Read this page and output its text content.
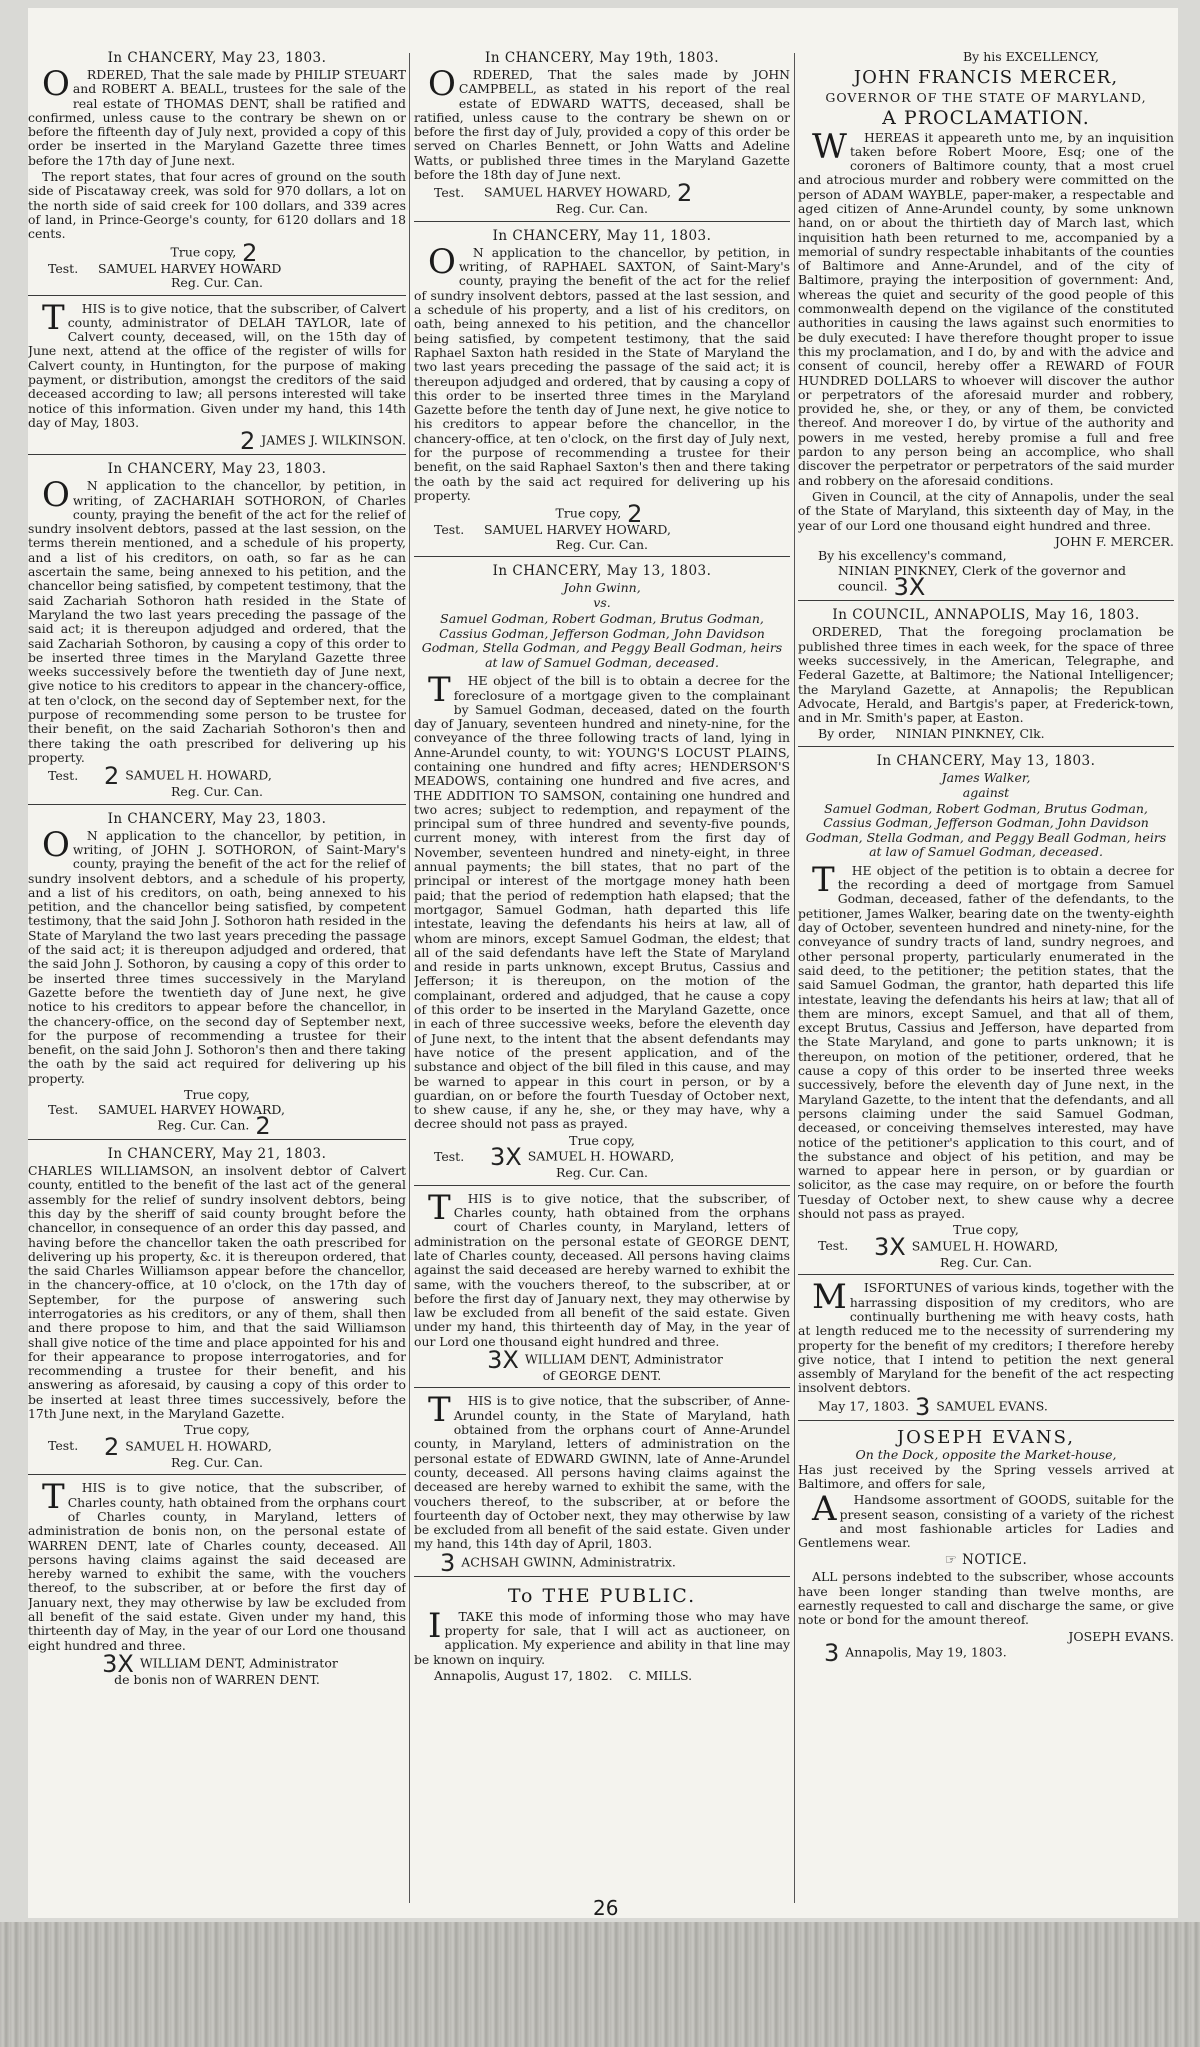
In CHANCERY, May 23, 1803.

ORDERED, That the sale made by PHILIP STEUART and ROBERT A. BEALL, trustees for the sale of the real estate of THOMAS DENT, shall be ratified and confirmed, unless cause to the contrary be shewn on or before the fifteenth day of July next, provided a copy of this order be inserted in the Maryland Gazette three times before the 17th day of June next.

The report states, that four acres of ground on the south side of Piscataway creek, was sold for 970 dollars, a lot on the north side of said creek for 100 dollars, and 339 acres of land, in Prince-George's county, for 6120 dollars and 18 cents.

True copy, 2

Test. SAMUEL HARVEY HOWARD

Reg. Cur. Can.

THIS is to give notice, that the subscriber, of Calvert county, administrator of DELAH TAYLOR, late of Calvert county, deceased, will, on the 15th day of June next, attend at the office of the register of wills for Calvert county, in Huntington, for the purpose of making payment, or distribution, amongst the creditors of the said deceased according to law; all persons interested will take notice of this information. Given under my hand, this 14th day of May, 1803.

2 JAMES J. WILKINSON.

In CHANCERY, May 23, 1803.

ON application to the chancellor, by petition, in writing, of ZACHARIAH SOTHORON, of Charles county, praying the benefit of the act for the relief of sundry insolvent debtors, passed at the last session, on the terms therein mentioned, and a schedule of his property, and a list of his creditors, on oath, so far as he can ascertain the same, being annexed to his petition, and the chancellor being satisfied, by competent testimony, that the said Zachariah Sothoron hath resided in the State of Maryland the two last years preceding the passage of the said act; it is thereupon adjudged and ordered, that the said Zachariah Sothoron, by causing a copy of this order to be inserted three times in the Maryland Gazette three weeks successively before the twentieth day of June next, give notice to his creditors to appear in the chancery-office, at ten o'clock, on the second day of September next, for the purpose of recommending some person to be trustee for their benefit, on the said Zachariah Sothoron's then and there taking the oath prescribed for delivering up his property.

Test. 2 SAMUEL H. HOWARD,

Reg. Cur. Can.

In CHANCERY, May 23, 1803.

ON application to the chancellor, by petition, in writing, of JOHN J. SOTHORON, of Saint-Mary's county, praying the benefit of the act for the relief of sundry insolvent debtors, and a schedule of his property, and a list of his creditors, on oath, being annexed to his petition, and the chancellor being satisfied, by competent testimony, that the said John J. Sothoron hath resided in the State of Maryland the two last years preceding the passage of the said act; it is thereupon adjudged and ordered, that the said John J. Sothoron, by causing a copy of this order to be inserted three times successively in the Maryland Gazette before the twentieth day of June next, he give notice to his creditors to appear before the chancellor, in the chancery-office, on the second day of September next, for the purpose of recommending a trustee for their benefit, on the said John J. Sothoron's then and there taking the oath by the said act required for delivering up his property.

True copy,

Test. SAMUEL HARVEY HOWARD,

Reg. Cur. Can. 2

In CHANCERY, May 21, 1803.

CHARLES WILLIAMSON, an insolvent debtor of Calvert county, entitled to the benefit of the last act of the general assembly for the relief of sundry insolvent debtors, being this day by the sheriff of said county brought before the chancellor, in consequence of an order this day passed, and having before the chancellor taken the oath prescribed for delivering up his property, &c. it is thereupon ordered, that the said Charles Williamson appear before the chancellor, in the chancery-office, at 10 o'clock, on the 17th day of September, for the purpose of answering such interrogatories as his creditors, or any of them, shall then and there propose to him, and that the said Williamson shall give notice of the time and place appointed for his and for their appearance to propose interrogatories, and for recommending a trustee for their benefit, and his answering as aforesaid, by causing a copy of this order to be inserted at least three times successively, before the 17th June next, in the Maryland Gazette.

True copy,

Test. 2 SAMUEL H. HOWARD,

Reg. Cur. Can.

THIS is to give notice, that the subscriber, of Charles county, hath obtained from the orphans court of Charles county, in Maryland, letters of administration de bonis non, on the personal estate of WARREN DENT, late of Charles county, deceased. All persons having claims against the said deceased are hereby warned to exhibit the same, with the vouchers thereof, to the subscriber, at or before the first day of January next, they may otherwise by law be excluded from all benefit of the said estate. Given under my hand, this thirteenth day of May, in the year of our Lord one thousand eight hundred and three.

3X WILLIAM DENT, Administrator

de bonis non of WARREN DENT.

In CHANCERY, May 19th, 1803.

ORDERED, That the sales made by JOHN CAMPBELL, as stated in his report of the real estate of EDWARD WATTS, deceased, shall be ratified, unless cause to the contrary be shewn on or before the first day of July, provided a copy of this order be served on Charles Bennett, or John Watts and Adeline Watts, or published three times in the Maryland Gazette before the 18th day of June next.

Test. SAMUEL HARVEY HOWARD, 2

Reg. Cur. Can.

In CHANCERY, May 11, 1803.

ON application to the chancellor, by petition, in writing, of RAPHAEL SAXTON, of Saint-Mary's county, praying the benefit of the act for the relief of sundry insolvent debtors, passed at the last session, and a schedule of his property, and a list of his creditors, on oath, being annexed to his petition, and the chancellor being satisfied, by competent testimony, that the said Raphael Saxton hath resided in the State of Maryland the two last years preceding the passage of the said act; it is thereupon adjudged and ordered, that by causing a copy of this order to be inserted three times in the Maryland Gazette before the tenth day of June next, he give notice to his creditors to appear before the chancellor, in the chancery-office, at ten o'clock, on the first day of July next, for the purpose of recommending a trustee for their benefit, on the said Raphael Saxton's then and there taking the oath by the said act required for delivering up his property.

True copy, 2

Test. SAMUEL HARVEY HOWARD,

Reg. Cur. Can.

In CHANCERY, May 13, 1803.

John Gwinn,

vs.

Samuel Godman, Robert Godman, Brutus Godman, Cassius Godman, Jefferson Godman, John Davidson Godman, Stella Godman, and Peggy Beall Godman, heirs at law of Samuel Godman, deceased.

THE object of the bill is to obtain a decree for the foreclosure of a mortgage given to the complainant by Samuel Godman, deceased, dated on the fourth day of January, seventeen hundred and ninety-nine, for the conveyance of the three following tracts of land, lying in Anne-Arundel county, to wit: YOUNG'S LOCUST PLAINS, containing one hundred and fifty acres; HENDERSON'S MEADOWS, containing one hundred and five acres, and THE ADDITION TO SAMSON, containing one hundred and two acres; subject to redemption, and repayment of the principal sum of three hundred and seventy-five pounds, current money, with interest from the first day of November, seventeen hundred and ninety-eight, in three annual payments; the bill states, that no part of the principal or interest of the mortgage money hath been paid; that the period of redemption hath elapsed; that the mortgagor, Samuel Godman, hath departed this life intestate, leaving the defendants his heirs at law, all of whom are minors, except Samuel Godman, the eldest; that all of the said defendants have left the State of Maryland and reside in parts unknown, except Brutus, Cassius and Jefferson; it is thereupon, on the motion of the complainant, ordered and adjudged, that he cause a copy of this order to be inserted in the Maryland Gazette, once in each of three successive weeks, before the eleventh day of June next, to the intent that the absent defendants may have notice of the present application, and of the substance and object of the bill filed in this cause, and may be warned to appear in this court in person, or by a guardian, on or before the fourth Tuesday of October next, to shew cause, if any he, she, or they may have, why a decree should not pass as prayed.

True copy,

Test. 3X SAMUEL H. HOWARD,

Reg. Cur. Can.

THIS is to give notice, that the subscriber, of Charles county, hath obtained from the orphans court of Charles county, in Maryland, letters of administration on the personal estate of GEORGE DENT, late of Charles county, deceased. All persons having claims against the said deceased are hereby warned to exhibit the same, with the vouchers thereof, to the subscriber, at or before the first day of January next, they may otherwise by law be excluded from all benefit of the said estate. Given under my hand, this thirteenth day of May, in the year of our Lord one thousand eight hundred and three.

3X WILLIAM DENT, Administrator

of GEORGE DENT.

THIS is to give notice, that the subscriber, of Anne-Arundel county, in the State of Maryland, hath obtained from the orphans court of Anne-Arundel county, in Maryland, letters of administration on the personal estate of EDWARD GWINN, late of Anne-Arundel county, deceased. All persons having claims against the deceased are hereby warned to exhibit the same, with the vouchers thereof, to the subscriber, at or before the fourteenth day of October next, they may otherwise by law be excluded from all benefit of the said estate. Given under my hand, this 14th day of April, 1803.

3 ACHSAH GWINN, Administratrix.

To THE PUBLIC.

ITAKE this mode of informing those who may have property for sale, that I will act as auctioneer, on application. My experience and ability in that line may be known on inquiry.

Annapolis, August 17, 1802. C. MILLS.

By his EXCELLENCY,

JOHN FRANCIS MERCER,

GOVERNOR OF THE STATE OF MARYLAND,

A PROCLAMATION.

WHEREAS it appeareth unto me, by an inquisition taken before Robert Moore, Esq; one of the coroners of Baltimore county, that a most cruel and atrocious murder and robbery were committed on the person of ADAM WAYBLE, paper-maker, a respectable and aged citizen of Anne-Arundel county, by some unknown hand, on or about the thirtieth day of March last, which inquisition hath been returned to me, accompanied by a memorial of sundry respectable inhabitants of the counties of Baltimore and Anne-Arundel, and of the city of Baltimore, praying the interposition of government: And, whereas the quiet and security of the good people of this commonwealth depend on the vigilance of the constituted authorities in causing the laws against such enormities to be duly executed: I have therefore thought proper to issue this my proclamation, and I do, by and with the advice and consent of council, hereby offer a REWARD of FOUR HUNDRED DOLLARS to whoever will discover the author or perpetrators of the aforesaid murder and robbery, provided he, she, or they, or any of them, be convicted thereof. And moreover I do, by virtue of the authority and powers in me vested, hereby promise a full and free pardon to any person being an accomplice, who shall discover the perpetrator or perpetrators of the said murder and robbery on the aforesaid conditions.

Given in Council, at the city of Annapolis, under the seal of the State of Maryland, this sixteenth day of May, in the year of our Lord one thousand eight hundred and three.

JOHN F. MERCER.

By his excellency's command,

NINIAN PINKNEY, Clerk of the governor and council. 3X

In COUNCIL, ANNAPOLIS, May 16, 1803.

ORDERED, That the foregoing proclamation be published three times in each week, for the space of three weeks successively, in the American, Telegraphe, and Federal Gazette, at Baltimore; the National Intelligencer; the Maryland Gazette, at Annapolis; the Republican Advocate, Herald, and Bartgis's paper, at Frederick-town, and in Mr. Smith's paper, at Easton.

By order, NINIAN PINKNEY, Clk.

In CHANCERY, May 13, 1803.

James Walker,

against

Samuel Godman, Robert Godman, Brutus Godman, Cassius Godman, Jefferson Godman, John Davidson Godman, Stella Godman, and Peggy Beall Godman, heirs at law of Samuel Godman, deceased.

THE object of the petition is to obtain a decree for the recording a deed of mortgage from Samuel Godman, deceased, father of the defendants, to the petitioner, James Walker, bearing date on the twenty-eighth day of October, seventeen hundred and ninety-nine, for the conveyance of sundry tracts of land, sundry negroes, and other personal property, particularly enumerated in the said deed, to the petitioner; the petition states, that the said Samuel Godman, the grantor, hath departed this life intestate, leaving the defendants his heirs at law; that all of them are minors, except Samuel, and that all of them, except Brutus, Cassius and Jefferson, have departed from the State Maryland, and gone to parts unknown; it is thereupon, on motion of the petitioner, ordered, that he cause a copy of this order to be inserted three weeks successively, before the eleventh day of June next, in the Maryland Gazette, to the intent that the defendants, and all persons claiming under the said Samuel Godman, deceased, or conceiving themselves interested, may have notice of the petitioner's application to this court, and of the substance and object of his petition, and may be warned to appear here in person, or by guardian or solicitor, as the case may require, on or before the fourth Tuesday of October next, to shew cause why a decree should not pass as prayed.

True copy,

Test. 3X SAMUEL H. HOWARD,

Reg. Cur. Can.

MISFORTUNES of various kinds, together with the harrassing disposition of my creditors, who are continually burthening me with heavy costs, hath at length reduced me to the necessity of surrendering my property for the benefit of my creditors; I therefore hereby give notice, that I intend to petition the next general assembly of Maryland for the benefit of the act respecting insolvent debtors.

May 17, 1803. 3 SAMUEL EVANS.

JOSEPH EVANS,

On the Dock, opposite the Market-house,

Has just received by the Spring vessels arrived at Baltimore, and offers for sale,

AHandsome assortment of GOODS, suitable for the present season, consisting of a variety of the richest and most fashionable articles for Ladies and Gentlemens wear.

☞ NOTICE.

ALL persons indebted to the subscriber, whose accounts have been longer standing than twelve months, are earnestly requested to call and discharge the same, or give note or bond for the amount thereof.

JOSEPH EVANS.

3 Annapolis, May 19, 1803.

26
